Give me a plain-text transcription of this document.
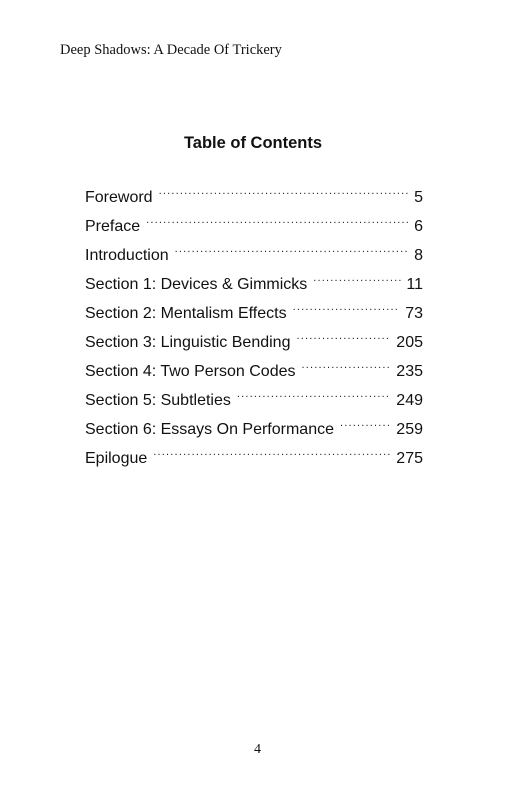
Deep Shadows: A Decade Of Trickery
Table of Contents
Foreword .....	5
Preface .....	6
Introduction .....	8
Section 1: Devices & Gimmicks .....	11
Section 2: Mentalism Effects .....	73
Section 3: Linguistic Bending .....	205
Section 4: Two Person Codes .....	235
Section 5: Subtleties .....	249
Section 6: Essays On Performance .....	259
Epilogue .....	275
4
